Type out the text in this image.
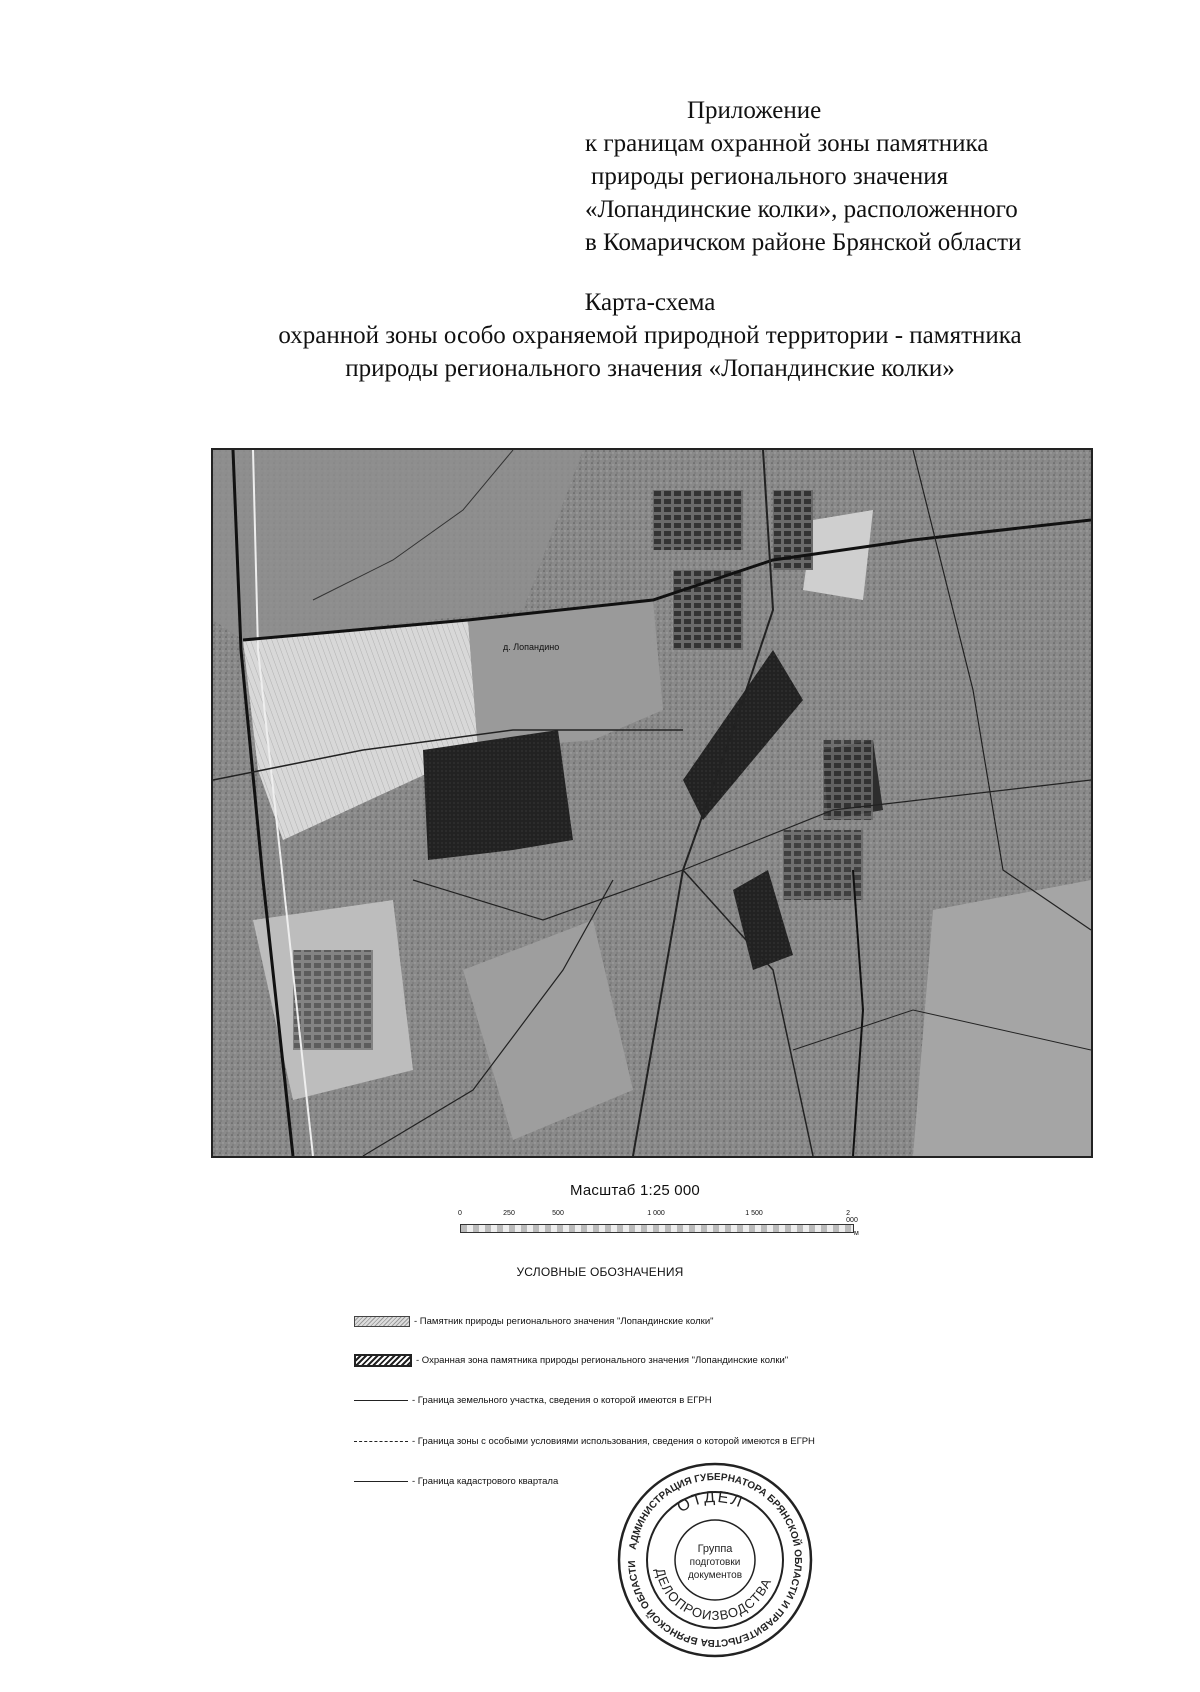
Приложение
к границам охранной зоны памятника
природы регионального значения
«Лопандинские колки», расположенного
в Комаричском районе Брянской области
Карта-схема
охранной зоны особо охраняемой природной территории - памятника
природы регионального значения «Лопандинские колки»
д. Лопандино
Масштаб 1:25 000
0	250	500	1 000	1 500	2 000
м
УСЛОВНЫЕ ОБОЗНАЧЕНИЯ
- Памятник природы регионального значения "Лопандинские колки"
- Охранная зона памятника природы регионального значения "Лопандинские колки"
- Граница земельного участка, сведения о которой имеются в ЕГРН
- Граница зоны с особыми условиями использования, сведения о которой имеются в ЕГРН
- Граница кадастрового квартала
АДМИНИСТРАЦИЯ ГУБЕРНАТОРА БРЯНСКОЙ ОБЛАСТИ И ПРАВИТЕЛЬСТВА БРЯНСКОЙ ОБЛАСТИ
ОТДЕЛ
ДЕЛОПРОИЗВОДСТВА
Группа
подготовки
документов
